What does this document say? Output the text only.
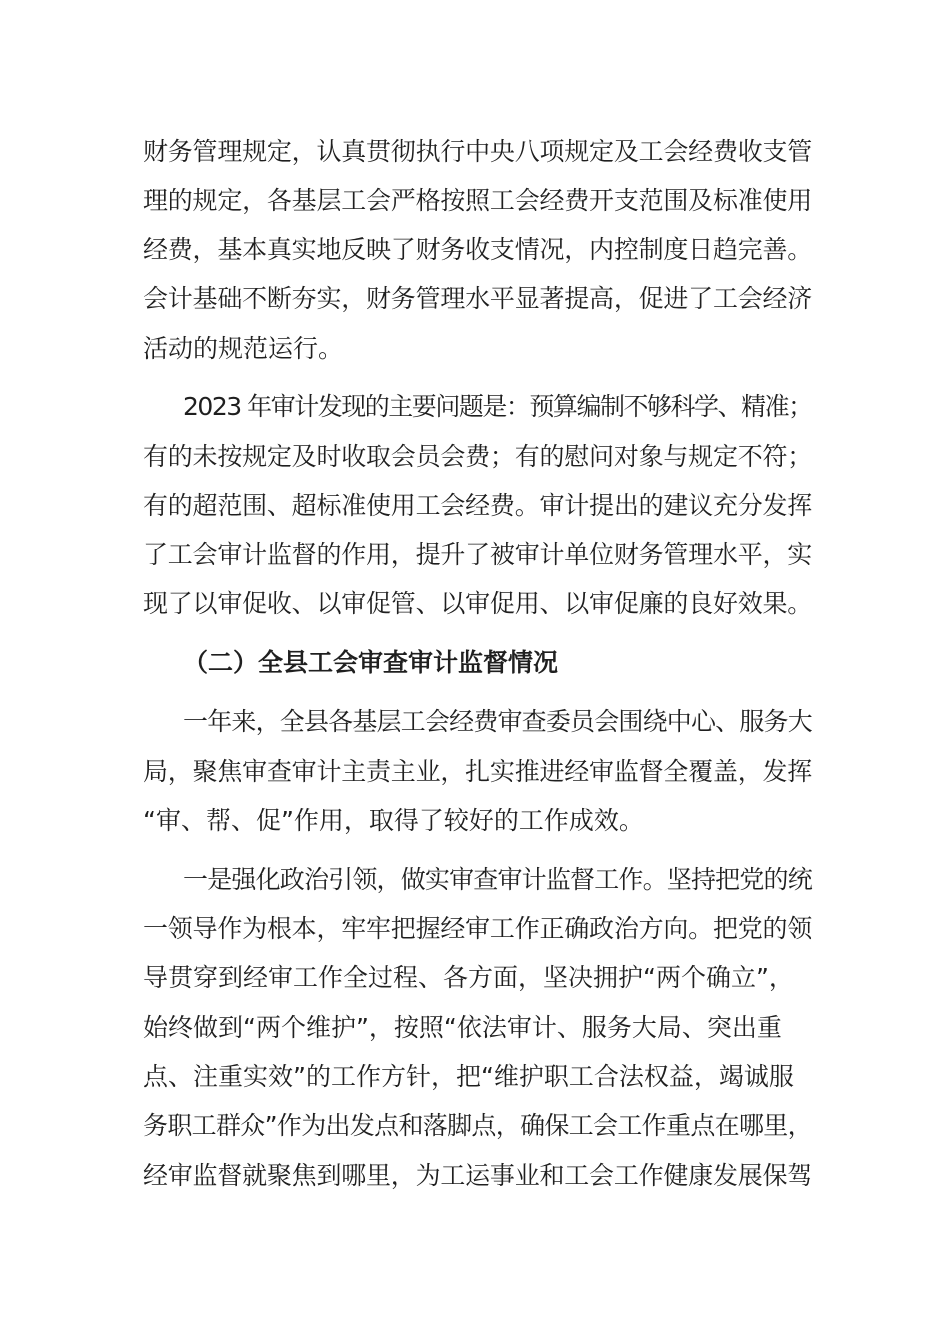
财务管理规定，认真贯彻执行中央八项规定及工会经费收支管
理的规定，各基层工会严格按照工会经费开支范围及标准使用
经费，基本真实地反映了财务收支情况，内控制度日趋完善。
会计基础不断夯实，财务管理水平显著提高，促进了工会经济
活动的规范运行。
2023 年审计发现的主要问题是：预算编制不够科学、精准；
有的未按规定及时收取会员会费；有的慰问对象与规定不符；
有的超范围、超标准使用工会经费。审计提出的建议充分发挥
了工会审计监督的作用，提升了被审计单位财务管理水平，实
现了以审促收、以审促管、以审促用、以审促廉的良好效果。
（二）全县工会审查审计监督情况
一年来，全县各基层工会经费审查委员会围绕中心、服务大
局，聚焦审查审计主责主业，扎实推进经审监督全覆盖，发挥
“审、帮、促”作用，取得了较好的工作成效。
一是强化政治引领，做实审查审计监督工作。坚持把党的统
一领导作为根本，牢牢把握经审工作正确政治方向。把党的领
导贯穿到经审工作全过程、各方面，坚决拥护“两个确立”，
始终做到“两个维护”，按照“依法审计、服务大局、突出重
点、注重实效”的工作方针，把“维护职工合法权益，竭诚服
务职工群众”作为出发点和落脚点，确保工会工作重点在哪里，
经审监督就聚焦到哪里，为工运事业和工会工作健康发展保驾
